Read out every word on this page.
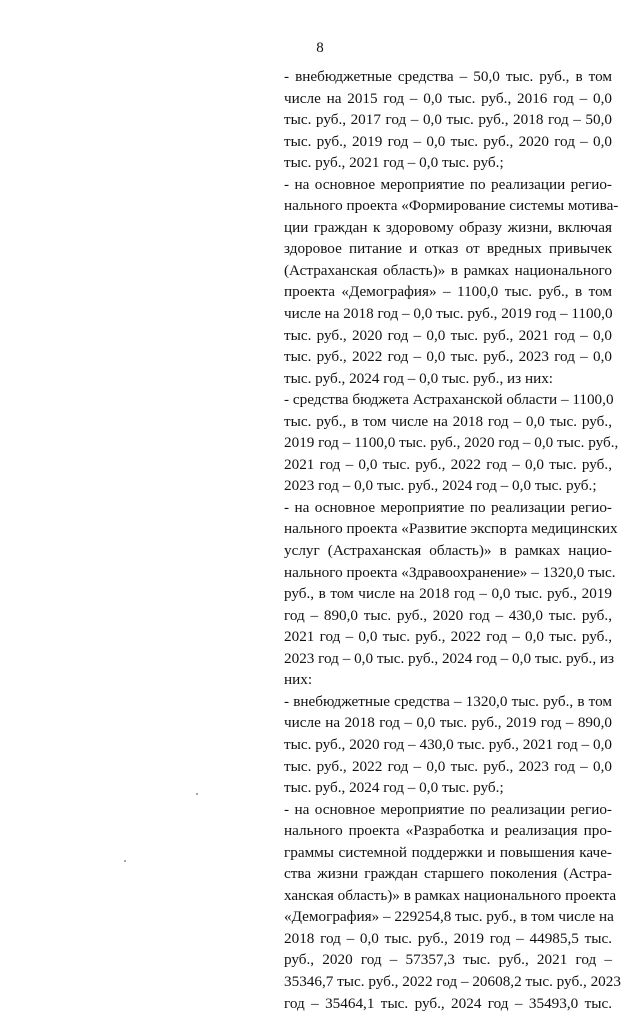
8
- внебюджетные средства – 50,0 тыс. руб., в том
числе на 2015 год – 0,0 тыс. руб., 2016 год – 0,0
тыс. руб., 2017 год – 0,0 тыс. руб., 2018 год – 50,0
тыс. руб., 2019 год – 0,0 тыс. руб., 2020 год – 0,0
тыс. руб., 2021 год – 0,0 тыс. руб.;
- на основное мероприятие по реализации регио-
нального проекта «Формирование системы мотива-
ции граждан к здоровому образу жизни, включая
здоровое питание и отказ от вредных привычек
(Астраханская область)» в рамках национального
проекта «Демография» – 1100,0 тыс. руб., в том
числе на 2018 год – 0,0 тыс. руб., 2019 год – 1100,0
тыс. руб., 2020 год – 0,0 тыс. руб., 2021 год – 0,0
тыс. руб., 2022 год – 0,0 тыс. руб., 2023 год – 0,0
тыс. руб., 2024 год – 0,0 тыс. руб., из них:
- средства бюджета Астраханской области – 1100,0
тыс. руб., в том числе на 2018 год – 0,0 тыс. руб.,
2019 год – 1100,0 тыс. руб., 2020 год – 0,0 тыс. руб.,
2021 год – 0,0 тыс. руб., 2022 год – 0,0 тыс. руб.,
2023 год – 0,0 тыс. руб., 2024 год – 0,0 тыс. руб.;
- на основное мероприятие по реализации регио-
нального проекта «Развитие экспорта медицинских
услуг (Астраханская область)» в рамках нацио-
нального проекта «Здравоохранение» – 1320,0 тыс.
руб., в том числе на 2018 год – 0,0 тыс. руб., 2019
год – 890,0 тыс. руб., 2020 год – 430,0 тыс. руб.,
2021 год – 0,0 тыс. руб., 2022 год – 0,0 тыс. руб.,
2023 год – 0,0 тыс. руб., 2024 год – 0,0 тыс. руб., из
них:
- внебюджетные средства – 1320,0 тыс. руб., в том
числе на 2018 год – 0,0 тыс. руб., 2019 год – 890,0
тыс. руб., 2020 год – 430,0 тыс. руб., 2021 год – 0,0
тыс. руб., 2022 год – 0,0 тыс. руб., 2023 год – 0,0
тыс. руб., 2024 год – 0,0 тыс. руб.;
- на основное мероприятие по реализации регио-
нального проекта «Разработка и реализация про-
граммы системной поддержки и повышения каче-
ства жизни граждан старшего поколения (Астра-
ханская область)» в рамках национального проекта
«Демография» – 229254,8 тыс. руб., в том числе на
2018 год – 0,0 тыс. руб., 2019 год – 44985,5 тыс.
руб., 2020 год – 57357,3 тыс. руб., 2021 год –
35346,7 тыс. руб., 2022 год – 20608,2 тыс. руб., 2023
год – 35464,1 тыс. руб., 2024 год – 35493,0 тыс.
